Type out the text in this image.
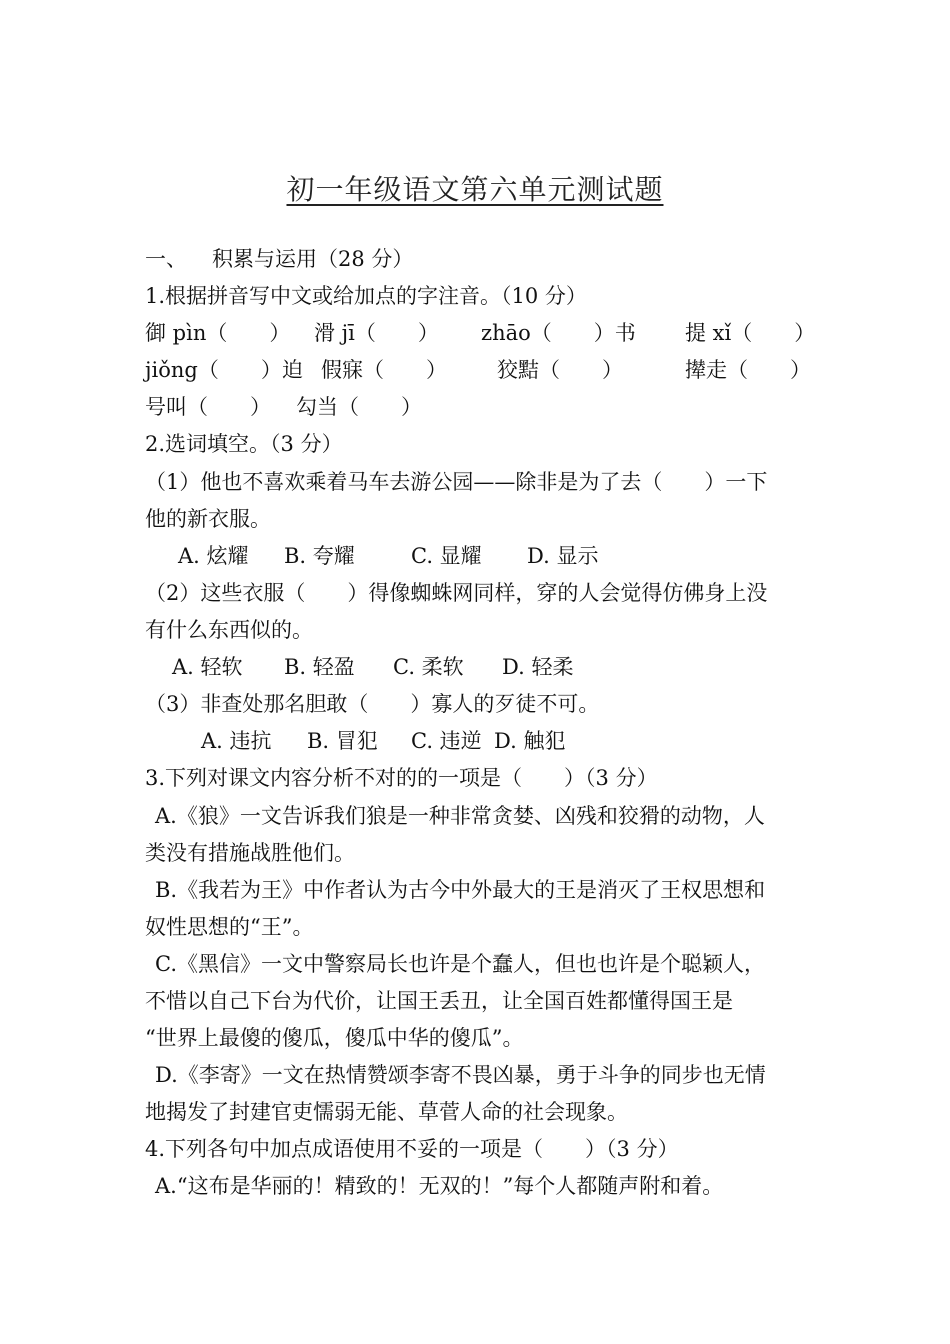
初一年级语文第六单元测试题
一、 积累与运用（28 分）
1.根据拼音写中文或给加点的字注音。（10 分）
御 pìn（　　） 滑 jī（　　） zhāo（　　）书 提 xǐ（　　）
jiǒng（　　）迫 假寐（　　） 狡黠（　　）	撵走（　　）
号叫（　　） 勾当（　　）
2.选词填空。（3 分）
（1）他也不喜欢乘着马车去游公园——除非是为了去（　　）一下
他的新衣服。
A. 炫耀 B. 夸耀	C. 显耀 D. 显示
（2）这些衣服（　　）得像蜘蛛网同样，穿的人会觉得仿佛身上没
有什么东西似的。
A. 轻软 B. 轻盈 C. 柔软 D. 轻柔
（3）非查处那名胆敢（　　）寡人的歹徒不可。
A. 违抗 B. 冒犯 C. 违逆 D. 触犯
3.下列对课文内容分析不对的的一项是（　　）（3 分）
A.《狼》一文告诉我们狼是一种非常贪婪、凶残和狡猾的动物，人
类没有措施战胜他们。
B.《我若为王》中作者认为古今中外最大的王是消灭了王权思想和
奴性思想的“王”。
C.《黑信》一文中警察局长也许是个蠢人，但也也许是个聪颖人，
不惜以自己下台为代价，让国王丢丑，让全国百姓都懂得国王是
“世界上最傻的傻瓜，傻瓜中华的傻瓜”。
D.《李寄》一文在热情赞颂李寄不畏凶暴，勇于斗争的同步也无情
地揭发了封建官吏懦弱无能、草菅人命的社会现象。
4.下列各句中加点成语使用不妥的一项是（　　）（3 分）
A.“这布是华丽的！精致的！无双的！”每个人都随声附和着。
